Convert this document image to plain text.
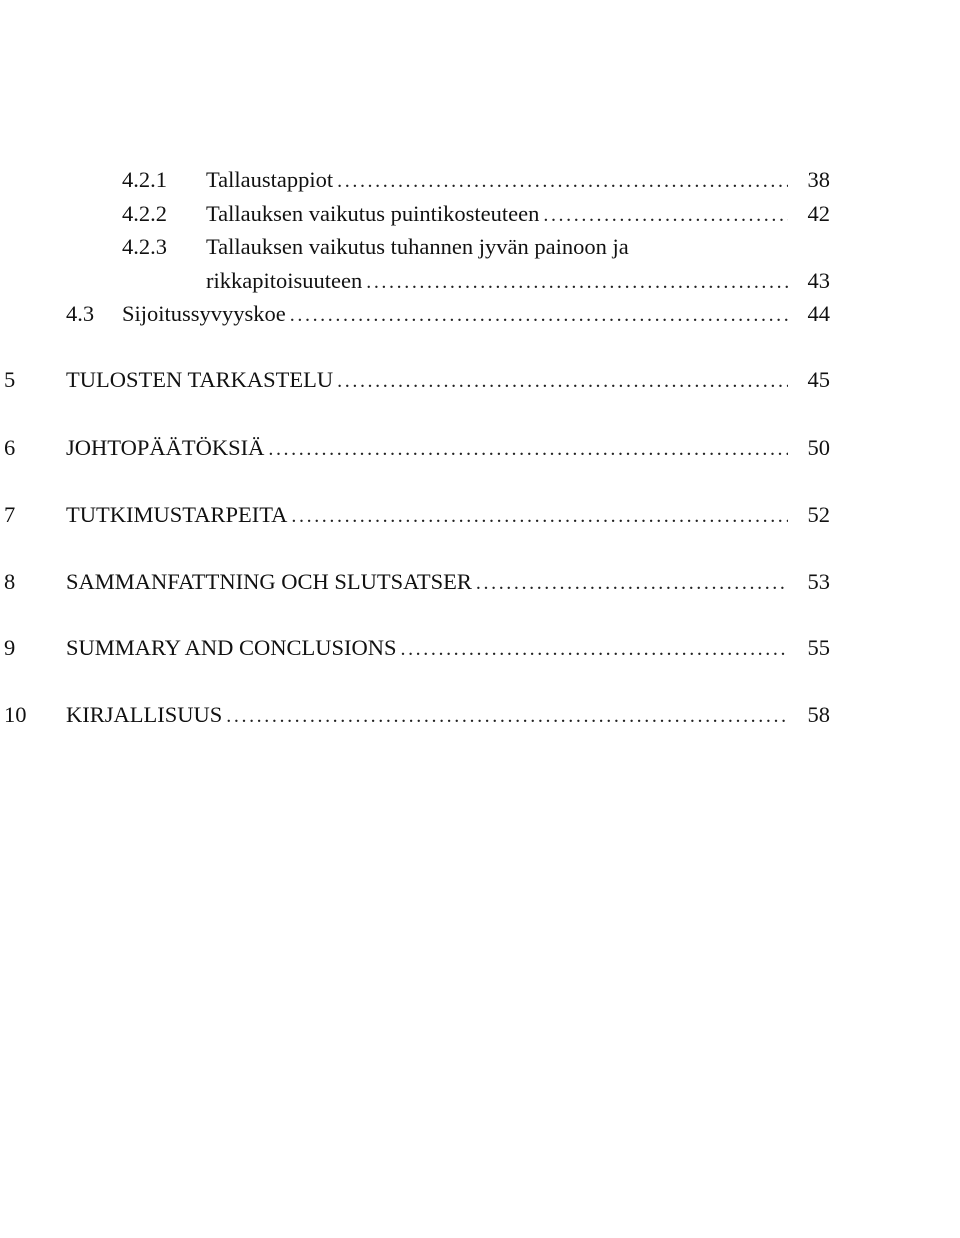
4.2.1	Tallaustappiot . . .	38
4.2.2	Tallauksen vaikutus puintikosteuteen . . .	42
4.2.3	Tallauksen vaikutus tuhannen jyvän painoon ja
rikkapitoisuuteen . . .	43
4.3	Sijoitussyvyyskoe . . .	44
5	TULOSTEN TARKASTELU . . .	45
6	JOHTOPÄÄTÖKSIÄ . . .	50
7	TUTKIMUSTARPEITA . . .	52
8	SAMMANFATTNING OCH SLUTSATSER . . .	53
9	SUMMARY AND CONCLUSIONS . . .	55
10	KIRJALLISUUS . . .	58
